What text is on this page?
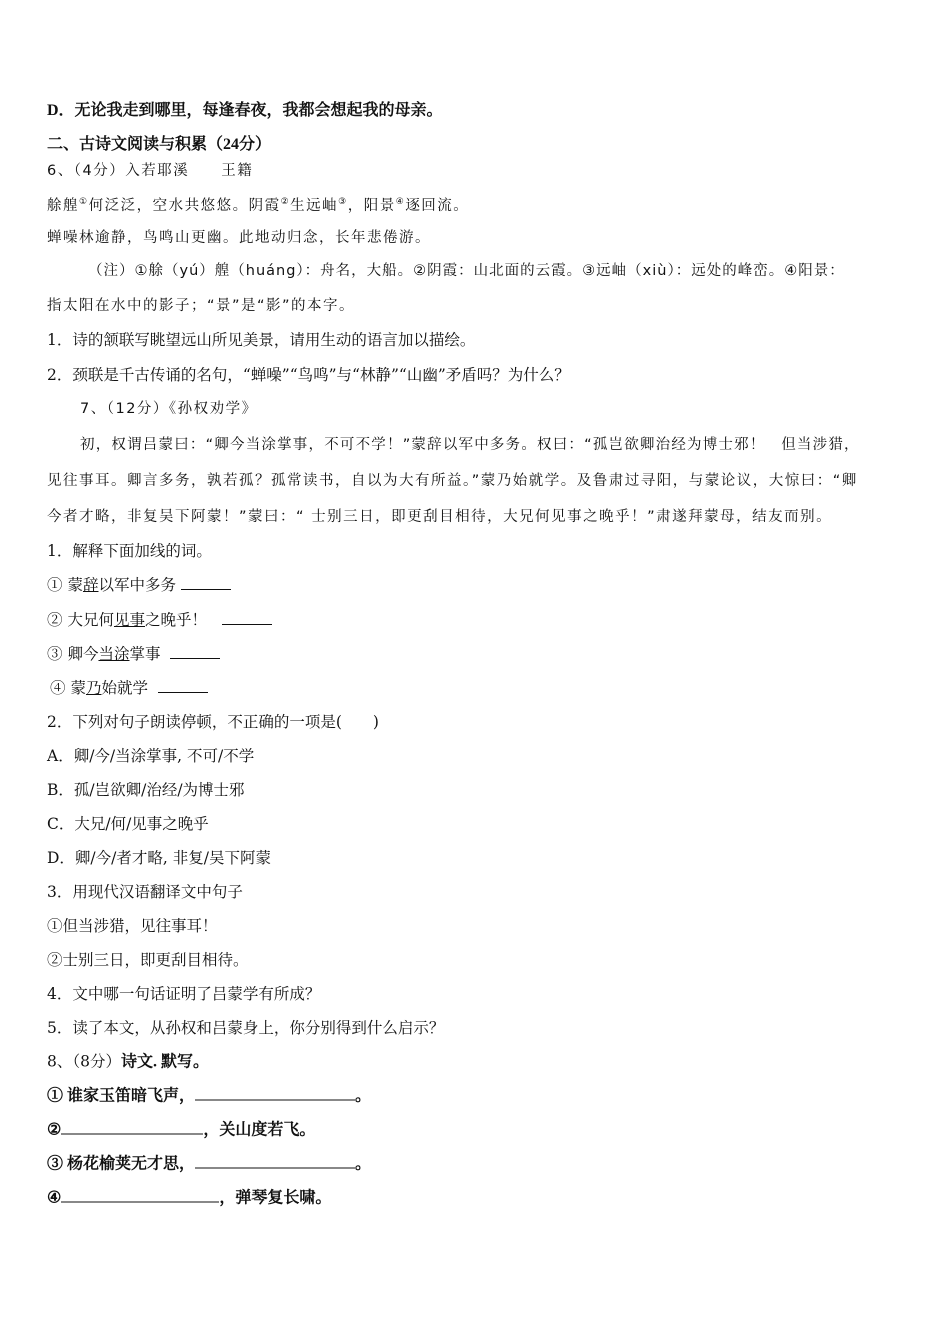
D．无论我走到哪里，每逢春夜，我都会想起我的母亲。
二、古诗文阅读与积累（24分）
6、（4分）入若耶溪　　王籍
艅艎①何泛泛，空水共悠悠。阴霞②生远岫③，阳景④逐回流。
蝉噪林逾静，鸟鸣山更幽。此地动归念，长年悲倦游。
（注）①艅（yú）艎（huáng）：舟名，大船。②阴霞：山北面的云霞。③远岫（xiù）：远处的峰峦。④阳景：
指太阳在水中的影子；“景”是“影”的本字。
1．诗的颔联写眺望远山所见美景，请用生动的语言加以描绘。
2．颈联是千古传诵的名句，“蝉噪”“鸟鸣”与“林静”“山幽”矛盾吗？为什么？
7、（12分）《孙权劝学》
初，权谓吕蒙曰：“卿今当涂掌事，不可不学！”蒙辞以军中多务。权曰：“孤岂欲卿治经为博士邪！　但当涉猎，
见往事耳。卿言多务，孰若孤？孤常读书，自以为大有所益。”蒙乃始就学。及鲁肃过寻阳，与蒙论议，大惊曰：“卿
今者才略，非复吴下阿蒙！”蒙曰：“ 士别三日，即更刮目相待，大兄何见事之晚乎！”肃遂拜蒙母，结友而别。
1．解释下面加线的词。
① 蒙辞以军中多务
② 大兄何见事之晚乎！
③ 卿今当涂掌事
④ 蒙乃始就学
2．下列对句子朗读停顿，不正确的一项是(　　)
A．卿/今/当涂掌事, 不可/不学
B．孤/岂欲卿/治经/为博士邪
C．大兄/何/见事之晚乎
D．卿/今/者才略, 非复/吴下阿蒙
3．用现代汉语翻译文中句子
①但当涉猎，见往事耳！
②士别三日，即更刮目相待。
4．文中哪一句话证明了吕蒙学有所成？
5．读了本文，从孙权和吕蒙身上，你分别得到什么启示？
8、（8分）诗文. 默写。
① 谁家玉笛暗飞声，	。
②	，关山度若飞。
③ 杨花榆荚无才思，	。
④	，弹琴复长啸。
